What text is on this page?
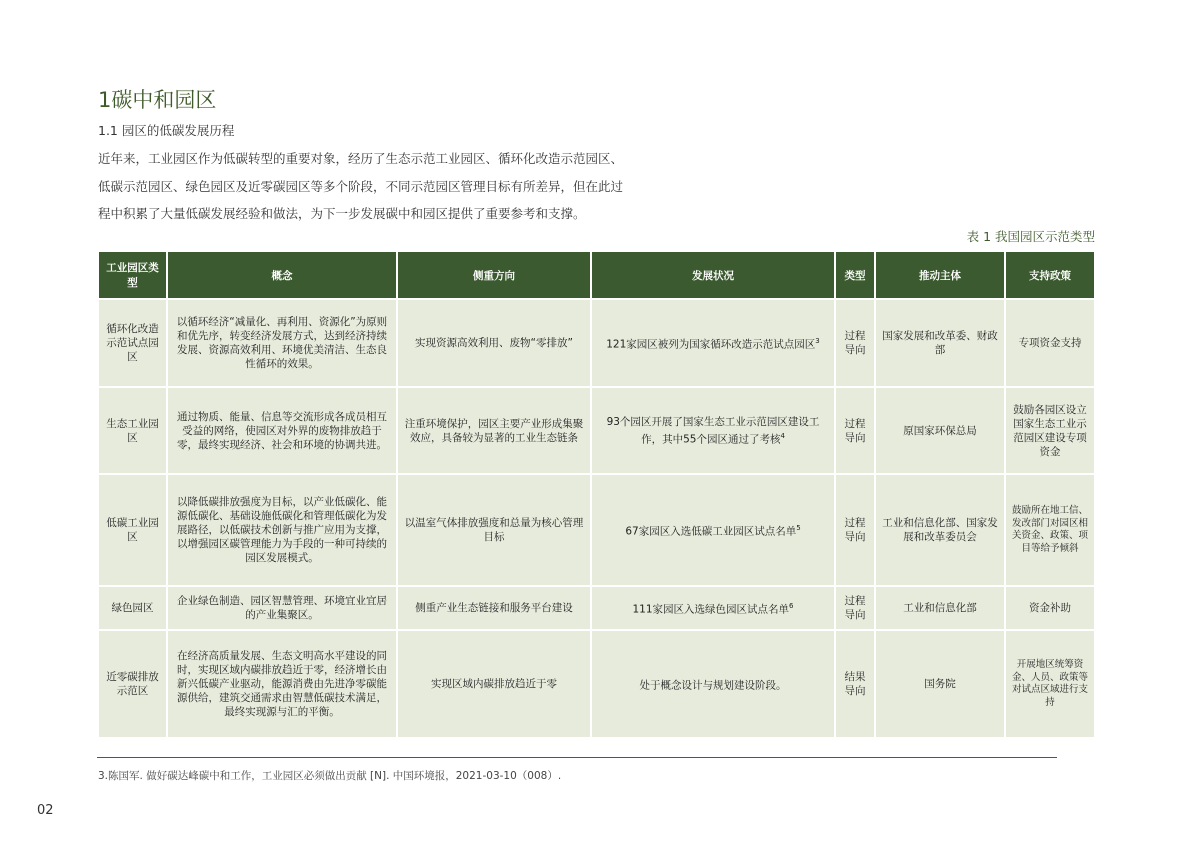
1碳中和园区
1.1 园区的低碳发展历程

近年来，工业园区作为低碳转型的重要对象，经历了生态示范工业园区、循环化改造示范园区、

低碳示范园区、绿色园区及近零碳园区等多个阶段，不同示范园区管理目标有所差异，但在此过

程中积累了大量低碳发展经验和做法，为下一步发展碳中和园区提供了重要参考和支撑。

表 1 我国园区示范类型
工业园区类型	概念	侧重方向	发展状况	类型	推动主体	支持政策
循环化改造示范试点园区	以循环经济“减量化、再利用、资源化”为原则和优先序，转变经济发展方式，达到经济持续发展、资源高效利用、环境优美清洁、生态良性循环的效果。	实现资源高效利用、废物“零排放”	121家园区被列为国家循环改造示范试点园区$^3$	过程导向	国家发展和改革委、财政部	专项资金支持
生态工业园区	通过物质、能量、信息等交流形成各成员相互受益的网络，使园区对外界的废物排放趋于零，最终实现经济、社会和环境的协调共进。	注重环境保护，园区主要产业形成集聚效应，具备较为显著的工业生态链条	93个园区开展了国家生态工业示范园区建设工作，其中55个园区通过了考核$^4$	过程导向	原国家环保总局	鼓励各园区设立国家生态工业示范园区建设专项资金
低碳工业园区	以降低碳排放强度为目标，以产业低碳化、能源低碳化、基础设施低碳化和管理低碳化为发展路径，以低碳技术创新与推广应用为支撑，以增强园区碳管理能力为手段的一种可持续的园区发展模式。	以温室气体排放强度和总量为核心管理目标	67家园区入选低碳工业园区试点名单$^5$	过程导向	工业和信息化部、国家发展和改革委员会	鼓励所在地工信、发改部门对园区相关资金、政策、项目等给予倾斜
绿色园区	企业绿色制造、园区智慧管理、环境宜业宜居的产业集聚区。	侧重产业生态链接和服务平台建设	111家园区入选绿色园区试点名单$^6$	过程导向	工业和信息化部	资金补助
近零碳排放示范区	在经济高质量发展、生态文明高水平建设的同时，实现区域内碳排放趋近于零，经济增长由新兴低碳产业驱动，能源消费由先进净零碳能源供给，建筑交通需求由智慧低碳技术满足，最终实现源与汇的平衡。	实现区域内碳排放趋近于零	处于概念设计与规划建设阶段。	结果导向	国务院	开展地区统筹资金、人员、政策等对试点区域进行支持
3.陈国军. 做好碳达峰碳中和工作，工业园区必须做出贡献 [N]. 中国环境报，2021-03-10（008）.
02
